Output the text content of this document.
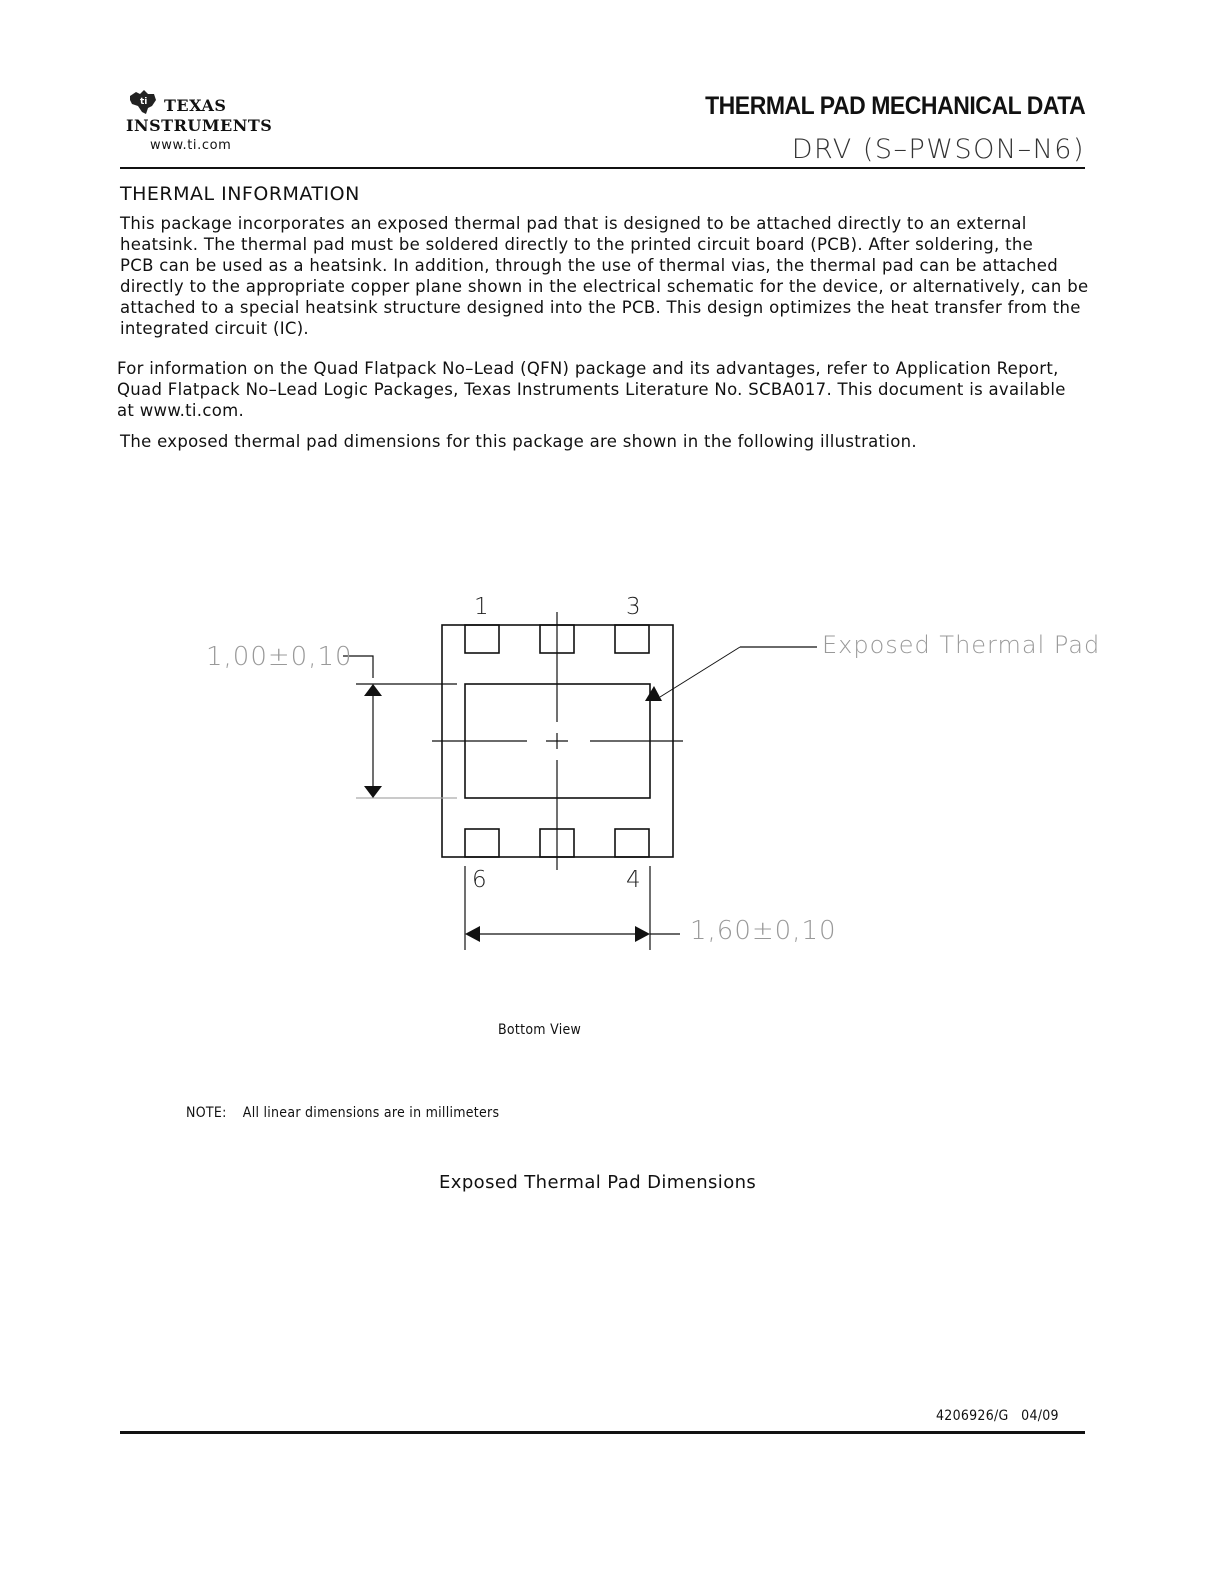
ti TEXAS
INSTRUMENTS
www.ti.com
THERMAL PAD MECHANICAL DATA
DRV (S–PWSON–N6)
THERMAL INFORMATION
This package incorporates an exposed thermal pad that is designed to be attached directly to an external
heatsink. The thermal pad must be soldered directly to the printed circuit board (PCB). After soldering, the
PCB can be used as a heatsink. In addition, through the use of thermal vias, the thermal pad can be attached
directly to the appropriate copper plane shown in the electrical schematic for the device, or alternatively, can be
attached to a special heatsink structure designed into the PCB. This design optimizes the heat transfer from the
integrated circuit (IC).
For information on the Quad Flatpack No–Lead (QFN) package and its advantages, refer to Application Report,
Quad Flatpack No–Lead Logic Packages, Texas Instruments Literature No. SCBA017. This document is available
at www.ti.com.
The exposed thermal pad dimensions for this package are shown in the following illustration.
1	3
6	4
Exposed Thermal Pad
1,00±0,10
1,60±0,10
Bottom View
NOTE: All linear dimensions are in millimeters
Exposed Thermal Pad Dimensions
4206926/G 04/09
